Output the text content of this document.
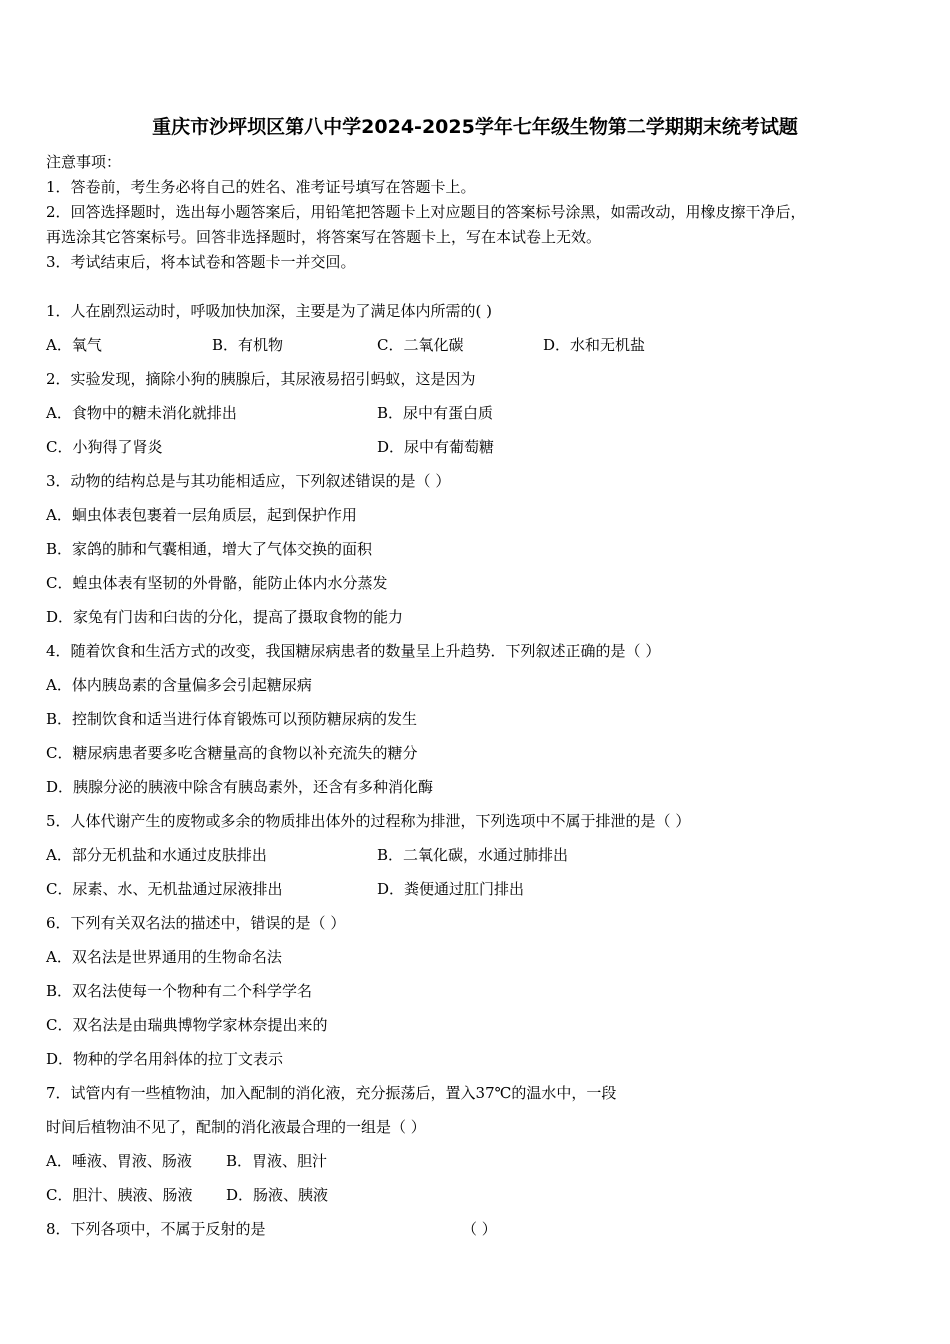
重庆市沙坪坝区第八中学2024-2025学年七年级生物第二学期期末统考试题
注意事项：
1．答卷前，考生务必将自己的姓名、准考证号填写在答题卡上。
2．回答选择题时，选出每小题答案后，用铅笔把答题卡上对应题目的答案标号涂黑，如需改动，用橡皮擦干净后，
再选涂其它答案标号。回答非选择题时，将答案写在答题卡上，写在本试卷上无效。
3．考试结束后，将本试卷和答题卡一并交回。
1．人在剧烈运动时，呼吸加快加深，主要是为了满足体内所需的( )
A．氧气	B．有机物	C．二氧化碳	D．水和无机盐
2．实验发现，摘除小狗的胰腺后，其尿液易招引蚂蚁，这是因为
A．食物中的糖未消化就排出	B．尿中有蛋白质
C．小狗得了肾炎	D．尿中有葡萄糖
3．动物的结构总是与其功能相适应，下列叙述错误的是（ ）
A．蛔虫体表包裹着一层角质层，起到保护作用
B．家鸽的肺和气囊相通，增大了气体交换的面积
C．蝗虫体表有坚韧的外骨骼，能防止体内水分蒸发
D．家兔有门齿和臼齿的分化，提高了摄取食物的能力
4．随着饮食和生活方式的改变，我国糖尿病患者的数量呈上升趋势．下列叙述正确的是（ ）
A．体内胰岛素的含量偏多会引起糖尿病
B．控制饮食和适当进行体育锻炼可以预防糖尿病的发生
C．糖尿病患者要多吃含糖量高的食物以补充流失的糖分
D．胰腺分泌的胰液中除含有胰岛素外，还含有多种消化酶
5．人体代谢产生的废物或多余的物质排出体外的过程称为排泄，下列选项中不属于排泄的是（ ）
A．部分无机盐和水通过皮肤排出	B．二氧化碳，水通过肺排出
C．尿素、水、无机盐通过尿液排出	D．粪便通过肛门排出
6．下列有关双名法的描述中，错误的是（ ）
A．双名法是世界通用的生物命名法
B．双名法使每一个物种有二个科学学名
C．双名法是由瑞典博物学家林奈提出来的
D．物种的学名用斜体的拉丁文表示
7．试管内有一些植物油，加入配制的消化液，充分振荡后，置入37℃的温水中，一段
时间后植物油不见了，配制的消化液最合理的一组是（ ）
A．唾液、胃液、肠液 B．胃液、胆汁
C．胆汁、胰液、肠液 D．肠液、胰液
8．下列各项中，不属于反射的是	（ ）
